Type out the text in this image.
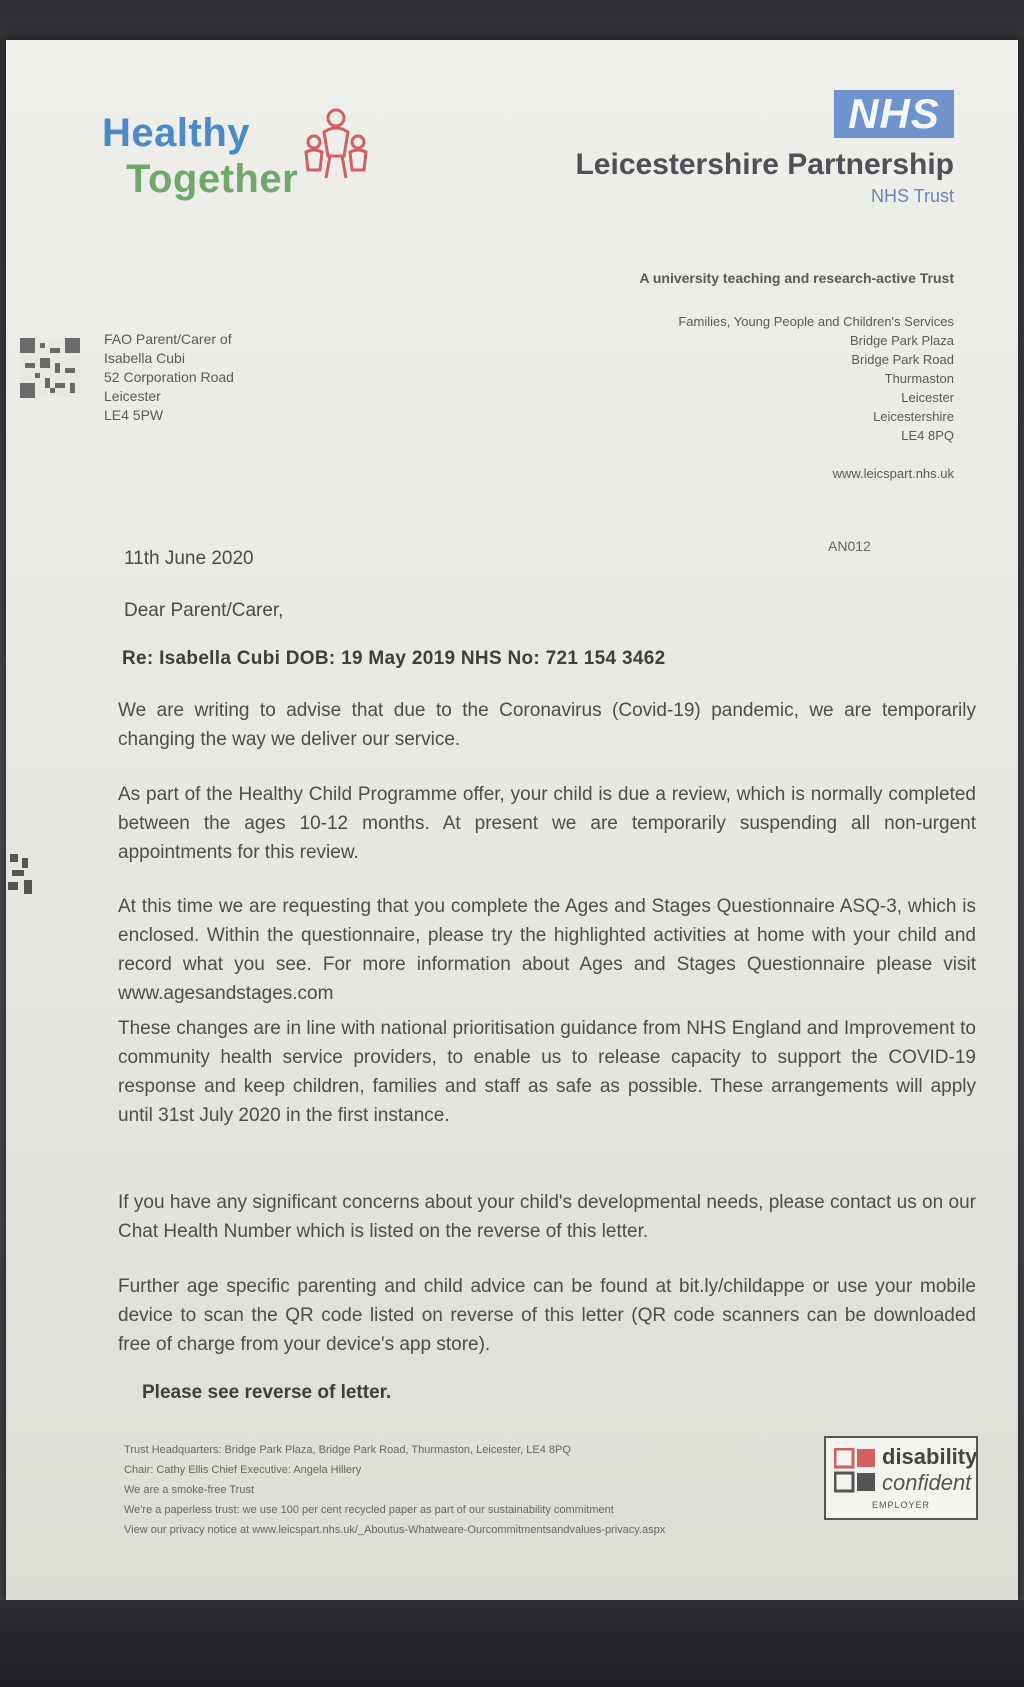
Healthy
Together
NHS
Leicestershire Partnership
NHS Trust
A university teaching and research-active Trust
Families, Young People and Children's Services
Bridge Park Plaza
Bridge Park Road
Thurmaston
Leicester
Leicestershire
LE4 8PQ
www.leicspart.nhs.uk
FAO Parent/Carer of
Isabella Cubi
52 Corporation Road
Leicester
LE4 5PW
AN012
11th June 2020
Dear Parent/Carer,
Re: Isabella Cubi DOB: 19 May 2019 NHS No: 721 154 3462

We are writing to advise that due to the Coronavirus (Covid-19) pandemic, we are temporarily changing the way we deliver our service.

As part of the Healthy Child Programme offer, your child is due a review, which is normally completed between the ages 10-12 months. At present we are temporarily suspending all non-urgent appointments for this review.

At this time we are requesting that you complete the Ages and Stages Questionnaire ASQ-3, which is enclosed. Within the questionnaire, please try the highlighted activities at home with your child and record what you see. For more information about Ages and Stages Questionnaire please visit www.agesandstages.com

These changes are in line with national prioritisation guidance from NHS England and Improvement to community health service providers, to enable us to release capacity to support the COVID-19 response and keep children, families and staff as safe as possible. These arrangements will apply until 31st July 2020 in the first instance.

If you have any significant concerns about your child's developmental needs, please contact us on our Chat Health Number which is listed on the reverse of this letter.

Further age specific parenting and child advice can be found at bit.ly/childappe or use your mobile device to scan the QR code listed on reverse of this letter (QR code scanners can be downloaded free of charge from your device's app store).

Please see reverse of letter.
Trust Headquarters: Bridge Park Plaza, Bridge Park Road, Thurmaston, Leicester, LE4 8PQ
Chair: Cathy Ellis Chief Executive: Angela Hillery
We are a smoke-free Trust
We're a paperless trust: we use 100 per cent recycled paper as part of our sustainability commitment
View our privacy notice at www.leicspart.nhs.uk/_Aboutus-Whatweare-Ourcommitmentsandvalues-privacy.aspx
disability
confident
EMPLOYER
